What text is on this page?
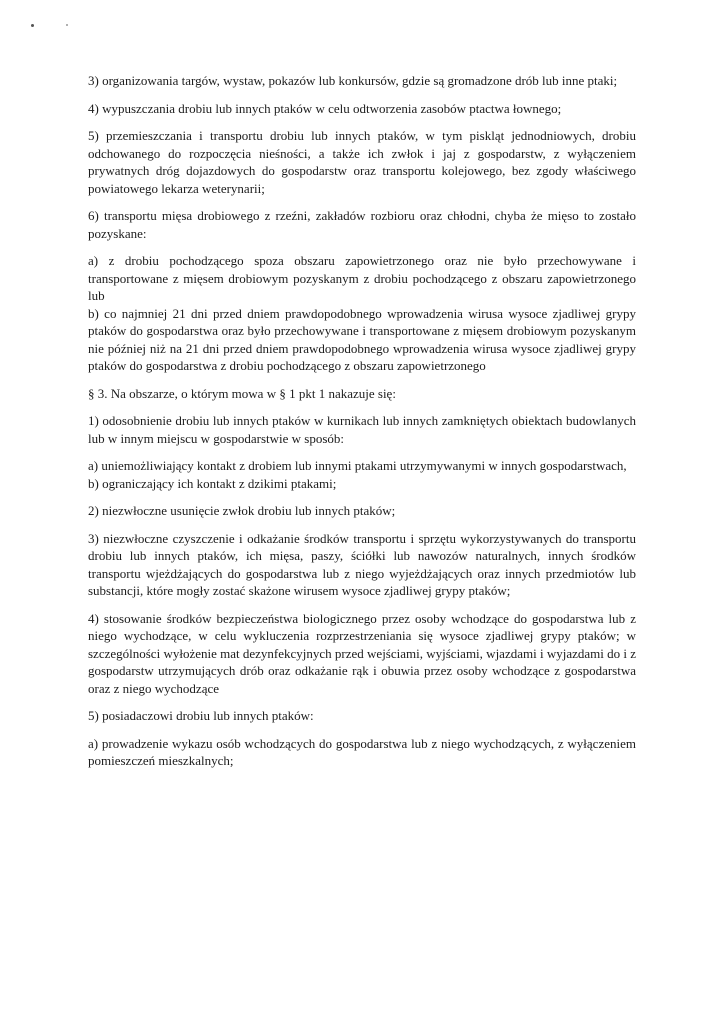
3) organizowania targów, wystaw, pokazów lub konkursów, gdzie są gromadzone drób lub inne ptaki;

4) wypuszczania drobiu lub innych ptaków w celu odtworzenia zasobów ptactwa łownego;

5) przemieszczania i transportu drobiu lub innych ptaków, w tym piskląt jednodniowych, drobiu odchowanego do rozpoczęcia nieśności, a także ich zwłok i jaj z gospodarstw, z wyłączeniem prywatnych dróg dojazdowych do gospodarstw oraz transportu kolejowego, bez zgody właściwego powiatowego lekarza weterynarii;

6) transportu mięsa drobiowego z rzeźni, zakładów rozbioru oraz chłodni, chyba że mięso to zostało pozyskane:

a) z drobiu pochodzącego spoza obszaru zapowietrzonego oraz nie było przechowywane i transportowane z mięsem drobiowym pozyskanym z drobiu pochodzącego z obszaru zapowietrzonego lub

b) co najmniej 21 dni przed dniem prawdopodobnego wprowadzenia wirusa wysoce zjadliwej grypy ptaków do gospodarstwa oraz było przechowywane i transportowane z mięsem drobiowym pozyskanym nie później niż na 21 dni przed dniem prawdopodobnego wprowadzenia wirusa wysoce zjadliwej grypy ptaków do gospodarstwa z drobiu pochodzącego z obszaru zapowietrzonego

§ 3. Na obszarze, o którym mowa w § 1 pkt 1 nakazuje się:

1) odosobnienie drobiu lub innych ptaków w kurnikach lub innych zamkniętych obiektach budowlanych lub w innym miejscu w gospodarstwie w sposób:

a) uniemożliwiający kontakt z drobiem lub innymi ptakami utrzymywanymi w innych gospodarstwach,

b) ograniczający ich kontakt z dzikimi ptakami;

2) niezwłoczne usunięcie zwłok drobiu lub innych ptaków;

3) niezwłoczne czyszczenie i odkażanie środków transportu i sprzętu wykorzystywanych do transportu drobiu lub innych ptaków, ich mięsa, paszy, ściółki lub nawozów naturalnych, innych środków transportu wjeżdżających do gospodarstwa lub z niego wyjeżdżających oraz innych przedmiotów lub substancji, które mogły zostać skażone wirusem wysoce zjadliwej grypy ptaków;

4) stosowanie środków bezpieczeństwa biologicznego przez osoby wchodzące do gospodarstwa lub z niego wychodzące, w celu wykluczenia rozprzestrzeniania się wysoce zjadliwej grypy ptaków; w szczególności wyłożenie mat dezynfekcyjnych przed wejściami, wyjściami, wjazdami i wyjazdami do i z gospodarstw utrzymujących drób oraz odkażanie rąk i obuwia przez osoby wchodzące z gospodarstwa oraz z niego wychodzące

5) posiadaczowi drobiu lub innych ptaków:

a) prowadzenie wykazu osób wchodzących do gospodarstwa lub z niego wychodzących, z wyłączeniem pomieszczeń mieszkalnych;
